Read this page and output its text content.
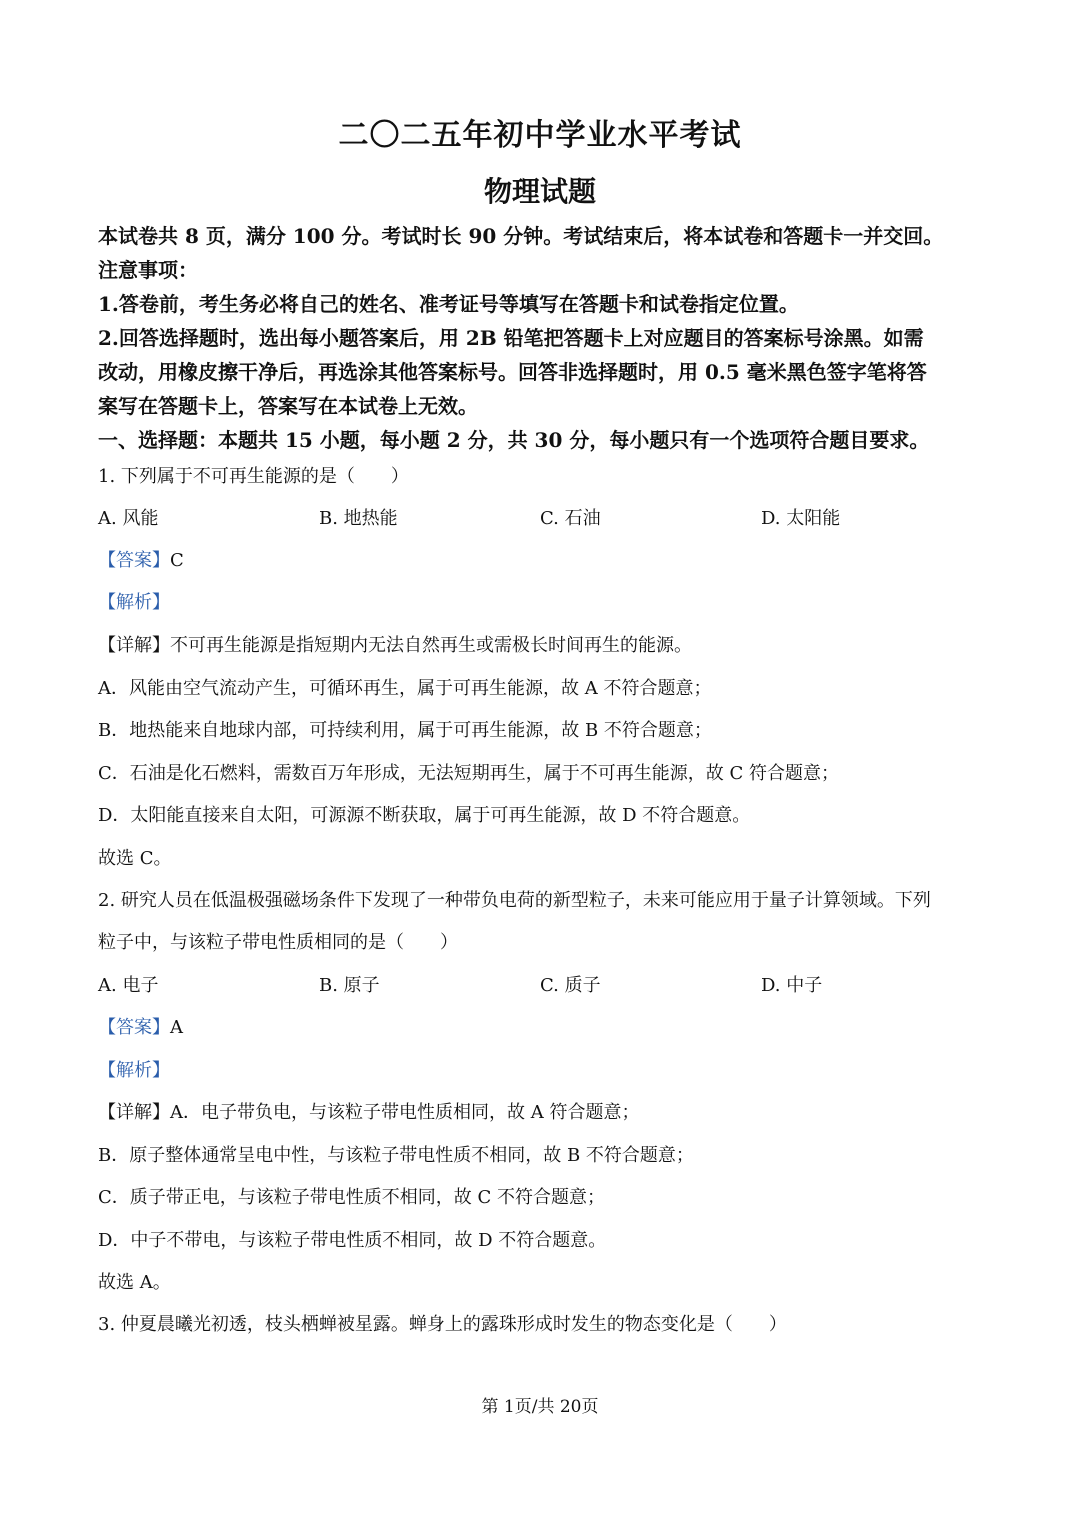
二〇二五年初中学业水平考试
物理试题
本试卷共 8 页，满分 100 分。考试时长 90 分钟。考试结束后，将本试卷和答题卡一并交回。
注意事项：
1.答卷前，考生务必将自己的姓名、准考证号等填写在答题卡和试卷指定位置。
2.回答选择题时，选出每小题答案后，用 2B 铅笔把答题卡上对应题目的答案标号涂黑。如需
改动，用橡皮擦干净后，再选涂其他答案标号。回答非选择题时，用 0.5 毫米黑色签字笔将答
案写在答题卡上，答案写在本试卷上无效。
一、选择题：本题共 15 小题，每小题 2 分，共 30 分，每小题只有一个选项符合题目要求。
1. 下列属于不可再生能源的是（　　）
A. 风能	B. 地热能	C. 石油	D. 太阳能
【答案】C
【解析】
【详解】不可再生能源是指短期内无法自然再生或需极长时间再生的能源。
A．风能由空气流动产生，可循环再生，属于可再生能源，故 A 不符合题意；
B．地热能来自地球内部，可持续利用，属于可再生能源，故 B 不符合题意；
C．石油是化石燃料，需数百万年形成，无法短期再生，属于不可再生能源，故 C 符合题意；
D．太阳能直接来自太阳，可源源不断获取，属于可再生能源，故 D 不符合题意。
故选 C。
2. 研究人员在低温极强磁场条件下发现了一种带负电荷的新型粒子，未来可能应用于量子计算领域。下列
粒子中，与该粒子带电性质相同的是（　　）
A. 电子	B. 原子	C. 质子	D. 中子
【答案】A
【解析】
【详解】A．电子带负电，与该粒子带电性质相同，故 A 符合题意；
B．原子整体通常呈电中性，与该粒子带电性质不相同，故 B 不符合题意；
C．质子带正电，与该粒子带电性质不相同，故 C 不符合题意；
D．中子不带电，与该粒子带电性质不相同，故 D 不符合题意。
故选 A。
3. 仲夏晨曦光初透，枝头栖蝉被星露。蝉身上的露珠形成时发生的物态变化是（　　）
第 1页/共 20页
